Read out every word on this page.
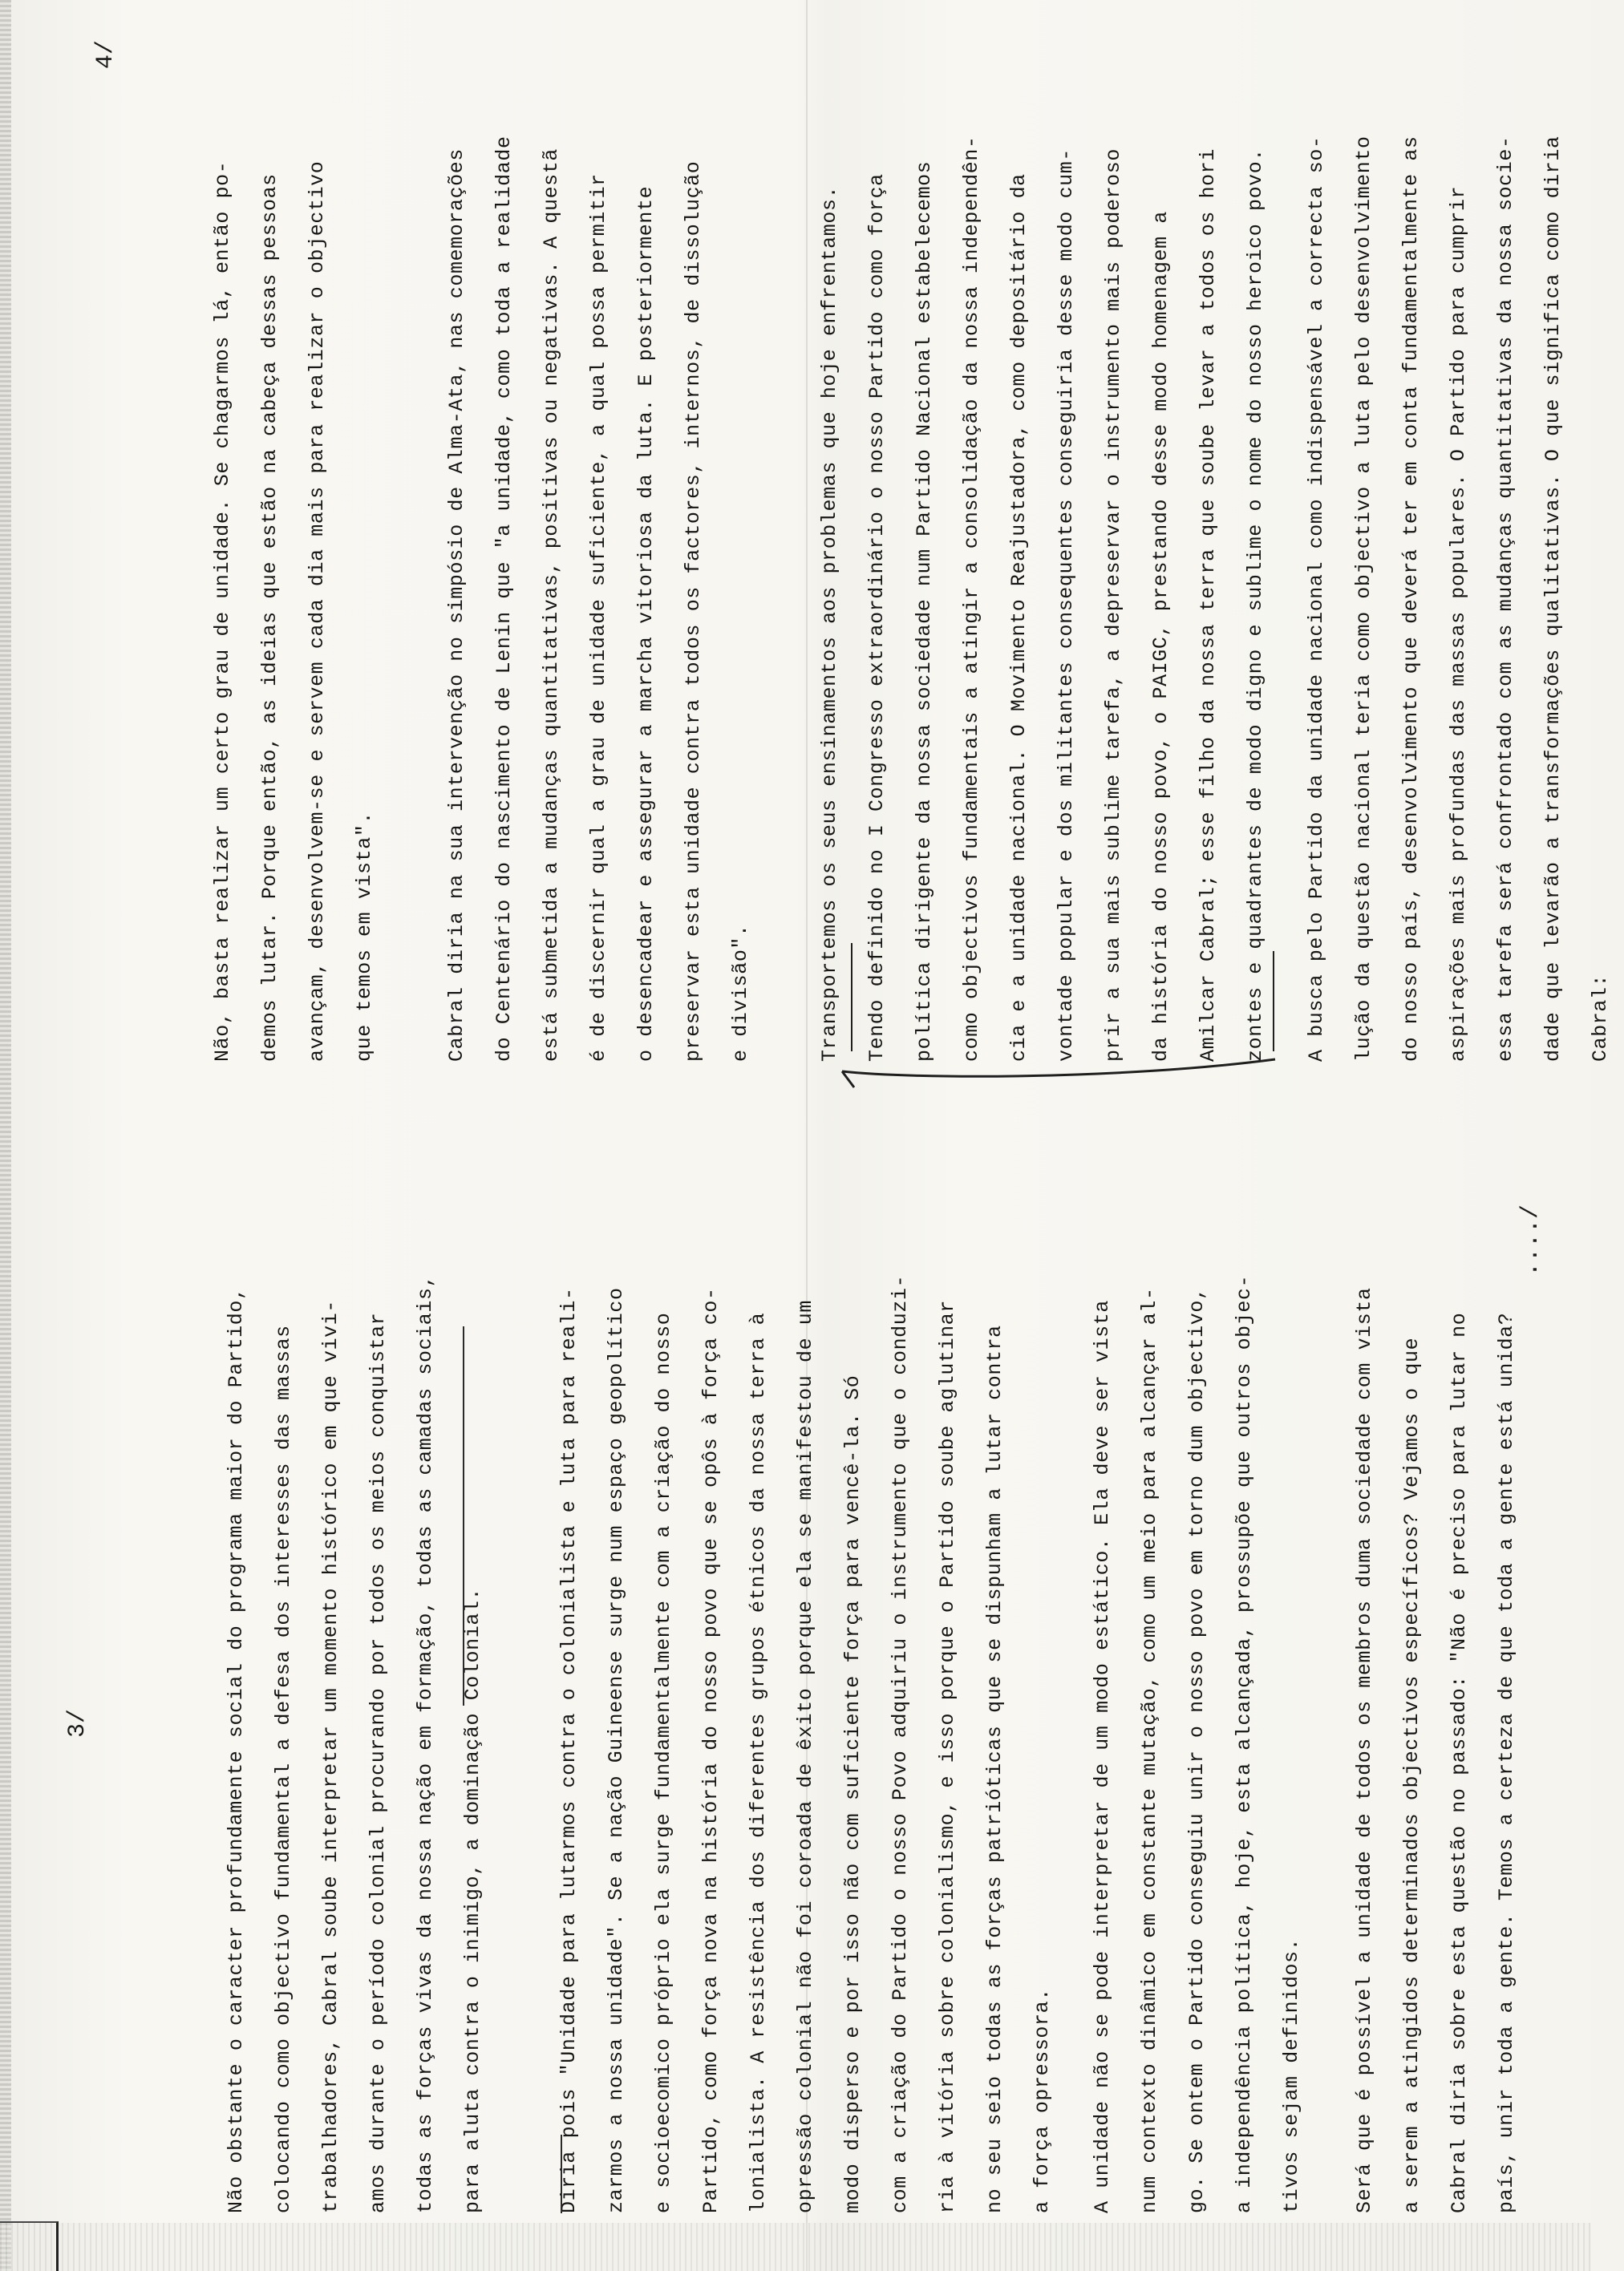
3/	Não obstante o caracter profundamente social do programa maior do Partido,	colocando como objectivo fundamental a defesa dos interesses das massas	trabalhadores, Cabral soube interpretar um momento histórico em que vivi-	amos durante o período colonial procurando por todos os meios conquistar	todas as forças vivas da nossa nação em formação, todas as camadas sociais,	para aluta contra o inimigo, a dominação Colonial.	Diria pois "Unidade para lutarmos contra o colonialista e luta para reali-	zarmos a nossa unidade". Se a nação Guineense surge num espaço geopolítico	e socioecomico próprio ela surge fundamentalmente com a criação do nosso	Partido, como força nova na história do nosso povo que se opôs à força co-	lonialista. A resistência dos diferentes grupos étnicos da nossa terra à	opressão colonial não foi coroada de êxito porque ela se manifestou de um	modo disperso e por isso não com suficiente força para vencê-la. Só	com a criação do Partido o nosso Povo adquiriu o instrumento que o conduzi-	ria à vitória sobre colonialismo, e isso porque o Partido soube aglutinar	no seu seio todas as forças patrióticas que se dispunham a lutar contra	a força opressora.	A unidade não se pode interpretar de um modo estático. Ela deve ser vista	num contexto dinâmico em constante mutação, como um meio para alcançar al-	go. Se ontem o Partido conseguiu unir o nosso povo em torno dum objectivo,	a independência política, hoje, esta alcançada, prossupõe que outros objec-	tivos sejam definidos.	Será que é possível a unidade de todos os membros duma sociedade com vista	a serem a atingidos determinados objectivos específicos? Vejamos o que	Cabral diria sobre esta questão no passado: "Não é preciso para lutar no	país, unir toda a gente. Temos a certeza de que toda a gente está unida?
..../
4/
Não, basta realizar um certo grau de unidade. Se chagarmos lá, então po-	demos lutar. Porque então, as ideias que estão na cabeça dessas pessoas	avançam, desenvolvem-se e servem cada dia mais para realizar o objectivo	que temos em vista".	Cabral diria na sua intervenção no simpósio de Alma-Ata, nas comemorações	do Centenário do nascimento de Lenin que "a unidade, como toda a realidade	está submetida a mudanças quantitativas, positivas ou negativas. A questã	é de discernir qual a grau de unidade suficiente, a qual possa permitir	o desencadear e assegurar a marcha vitoriosa da luta. E posteriormente	preservar esta unidade contra todos os factores, internos, de dissolução	e divisão".	Transportemos os seus ensinamentos aos problemas que hoje enfrentamos.	Tendo definido no I Congresso extraordinário o nosso Partido como força	política dirigente da nossa sociedade num Partido Nacional estabelecemos	como objectivos fundamentais a atingir a consolidação da nossa independên-	cia e a unidade nacional. O Movimento Reajustadora, como depositário da	vontade popular e dos militantes consequentes conseguiria desse modo cum-	prir a sua mais sublime tarefa, a depreservar o instrumento mais poderoso	da história do nosso povo, o PAIGC, prestando desse modo homenagem a	Amilcar Cabral; esse filho da nossa terra que soube levar a todos os hori	zontes e quadrantes de modo digno e sublime o nome do nosso heroico povo.	A busca pelo Partido da unidade nacional como indispensável a correcta so-	lução da questão nacional teria como objectivo a luta pelo desenvolvimento	do nosso país, desenvolvimento que deverá ter em conta fundamentalmente as	aspirações mais profundas das massas populares. O Partido para cumprir	essa tarefa será confrontado com as mudanças quantitativas da nossa socie-	dade que levarão a transformações qualitativas. O que significa como diria	Cabral:
